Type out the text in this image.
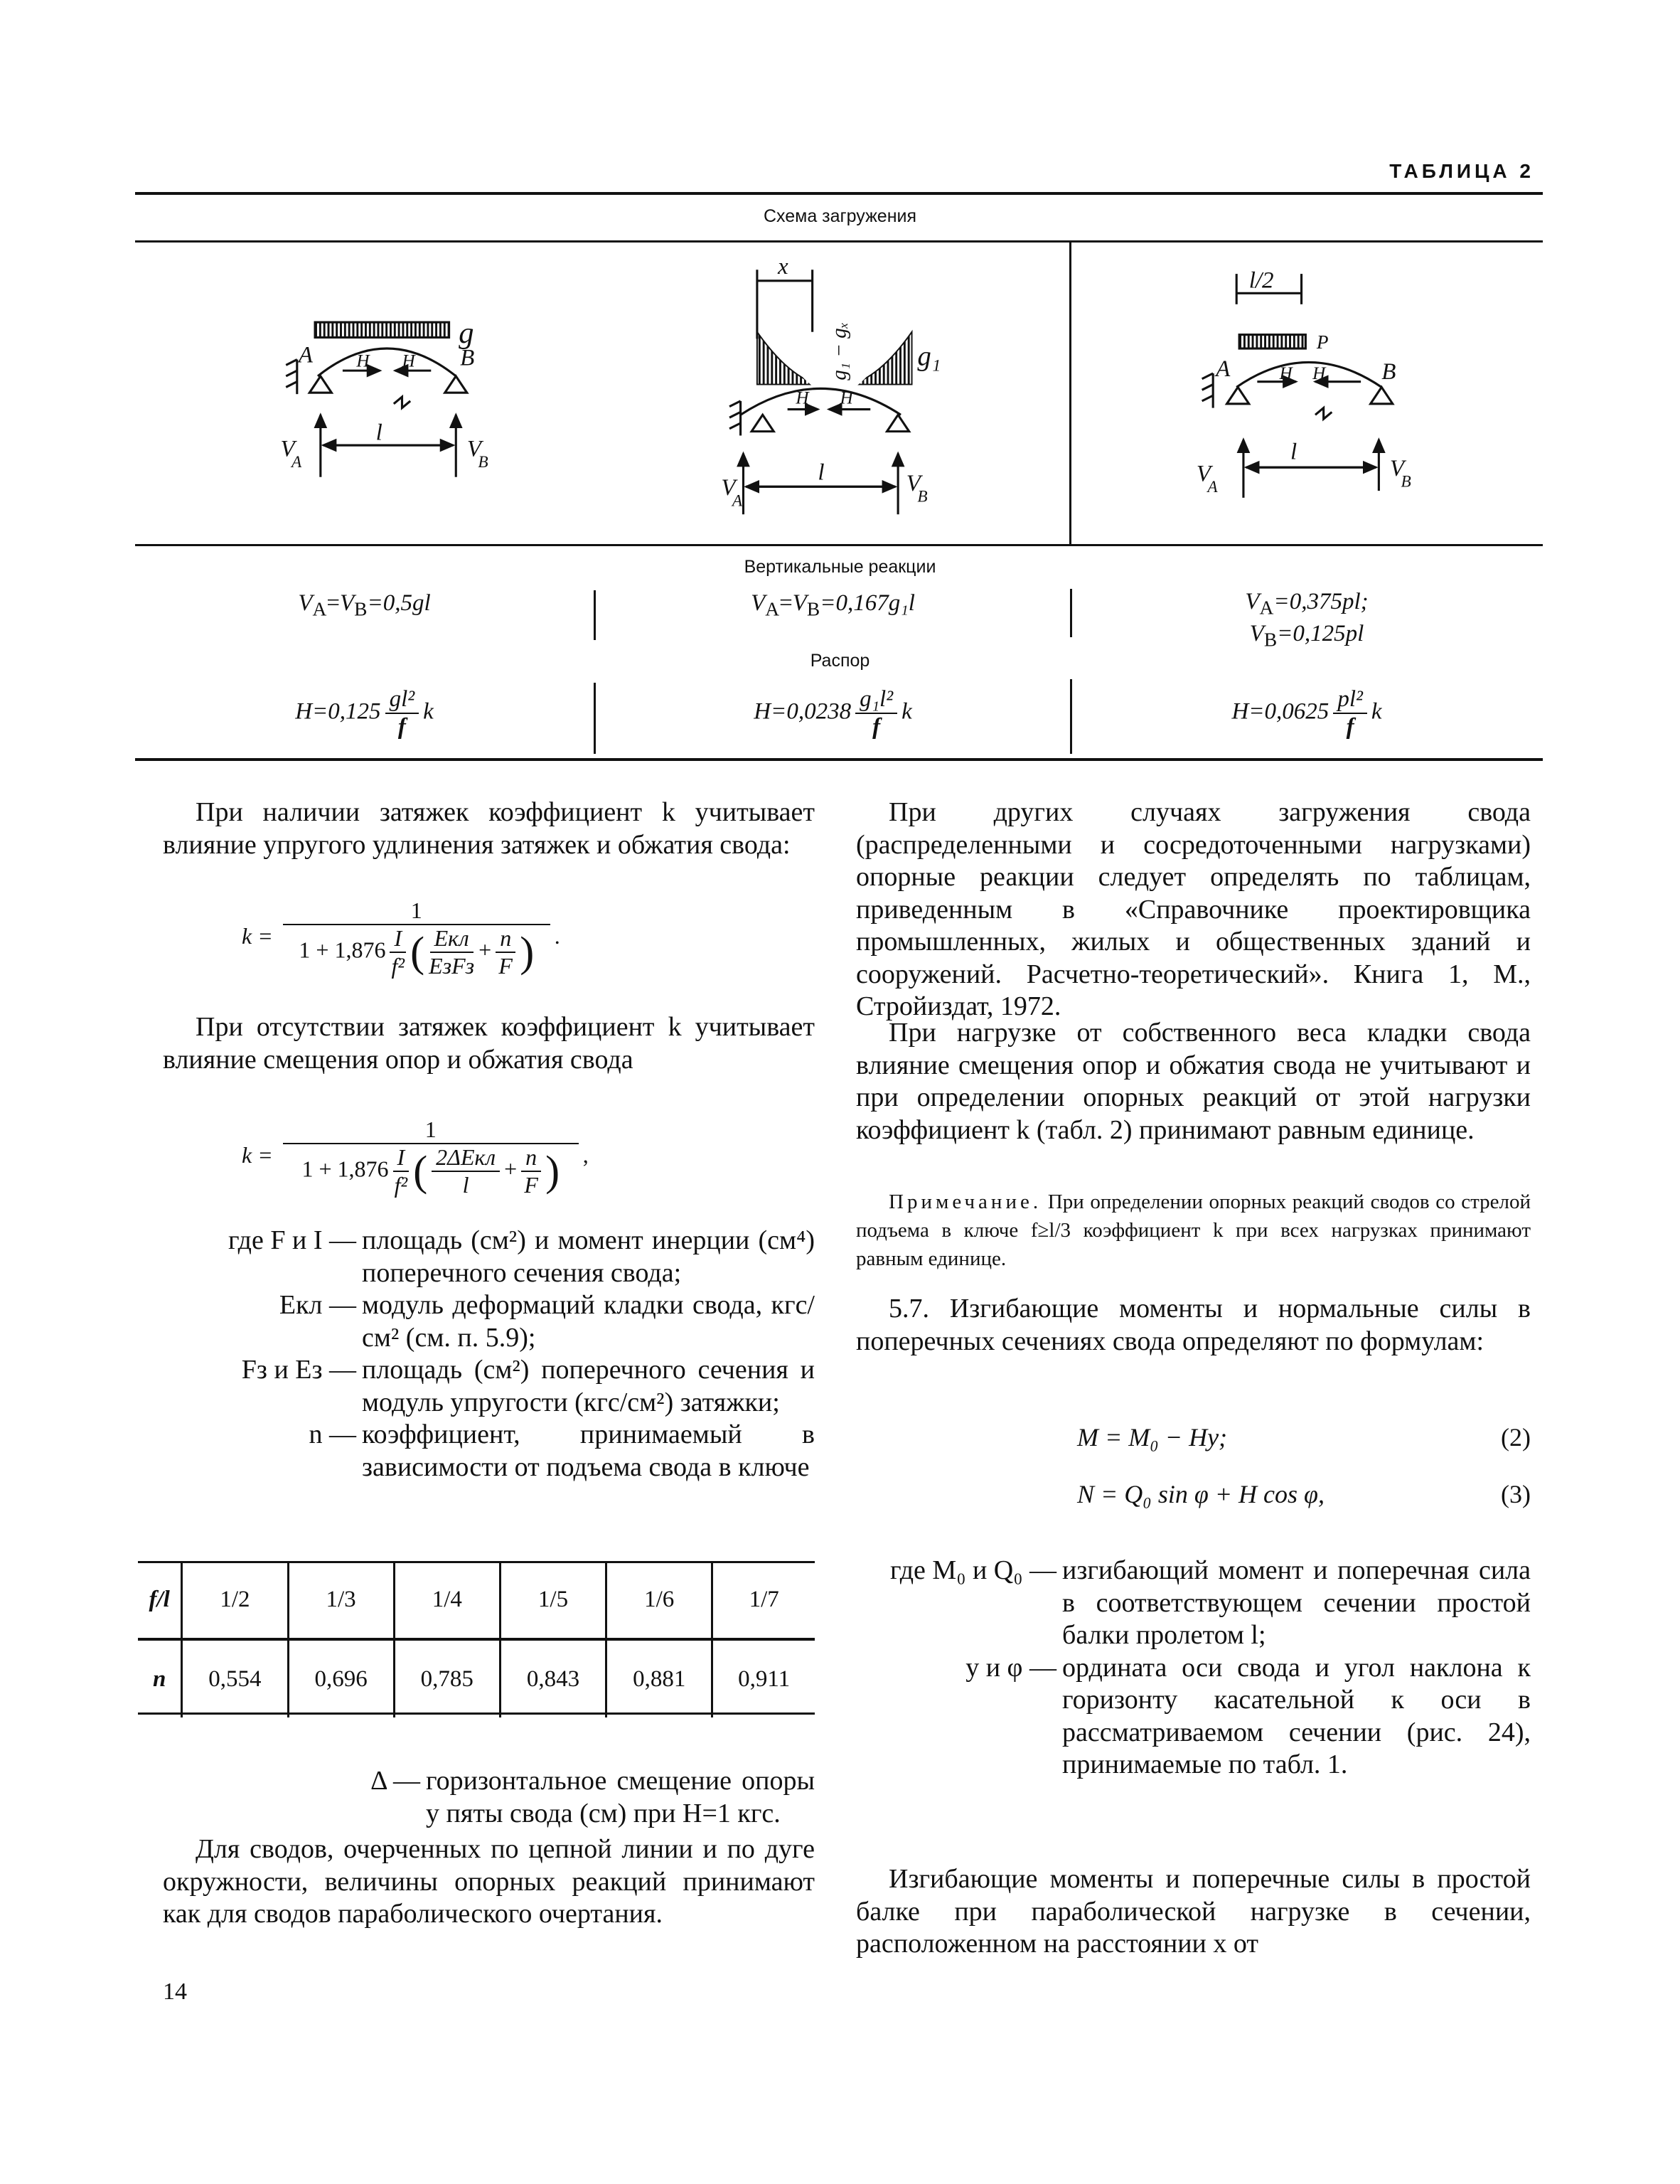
ТАБЛИЦА 2
Схема загружения
g
A	B
H	H
l
V
A
V
B
x
g₁ − gₓ	g₁
H	H
l
V
A
V
B
l/2
P
A	B
H H
l
V
A
V
B
Вертикальные реакции
$V_А=V_В=0,5gl$	$V_А=V_В=0,167g_1l$	$V_А=0,375pl$;
$V_В=0,125pl$
Распор
$H=0,125 \frac{\text{gl²}}{f}$ k	$H=0,0238 \frac{\text{g₁l²}}{f}$ k	$H=0,0625 \frac{\text{pl²}}{f}$ k
При наличии затяжек коэффициент k учитывает влияние упругого удлинения затяжек и обжатия свода:
$k = \frac{1}{1 + 1,876 \frac{I}{\text{f²}} ( \frac{\text{Eкл}}{\text{EзFз}} + \frac{n}{F} )}$ .
При отсутствии затяжек коэффициент k учитывает влияние смещения опор и обжатия свода
$k = \frac{1}{1 + 1,876 \frac{I}{\text{f²}} ( \frac{\text{2ΔEкл}}{l} + \frac{n}{F} )}$ ,
где F и I — площадь (см²) и момент инерции (см⁴) поперечного сечения свода;
Eкл — модуль деформаций кладки свода, кгс/см² (см. п. 5.9);
Fз и Eз — площадь (см²) поперечного сечения и модуль упругости (кгс/см²) затяжки;
n — коэффициент, принимаемый в зависимости от подъема свода в ключе
f/l	1/2	1/3	1/4	1/5	1/6	1/7
n	0,554	0,696	0,785	0,843	0,881	0,911
Δ — горизонтальное смещение опоры у пяты свода (см) при H=1 кгс.
Для сводов, очерченных по цепной линии и по дуге окружности, величины опорных реакций принимают как для сводов параболического очертания.
14
При других случаях загружения свода (распределенными и сосредоточенными нагрузками) опорные реакции следует определять по таблицам, приведенным в «Справочнике проектировщика промышленных, жилых и общественных зданий и сооружений. Расчетно-теоретический». Книга 1, М., Стройиздат, 1972.
При нагрузке от собственного веса кладки свода влияние смещения опор и обжатия свода не учитывают и при определении опорных реакций от этой нагрузки коэффициент k (табл. 2) принимают равным единице.
Примечание. При определении опорных реакций сводов со стрелой подъема в ключе f≥l/3 коэффициент k при всех нагрузках принимают равным единице.
5.7. Изгибающие моменты и нормальные силы в поперечных сечениях свода определяют по формулам:
M = M₀ − Hy;	(2)
N = Q₀ sin φ + H cos φ,	(3)
где M₀ и Q₀ — изгибающий момент и поперечная сила в соответствующем сечении простой балки пролетом l;
y и φ — ордината оси свода и угол наклона к горизонту касательной к оси в рассматриваемом сечении (рис. 24), принимаемые по табл. 1.
Изгибающие моменты и поперечные силы в простой балке при параболической нагрузке в сечении, расположенном на расстоянии x от
